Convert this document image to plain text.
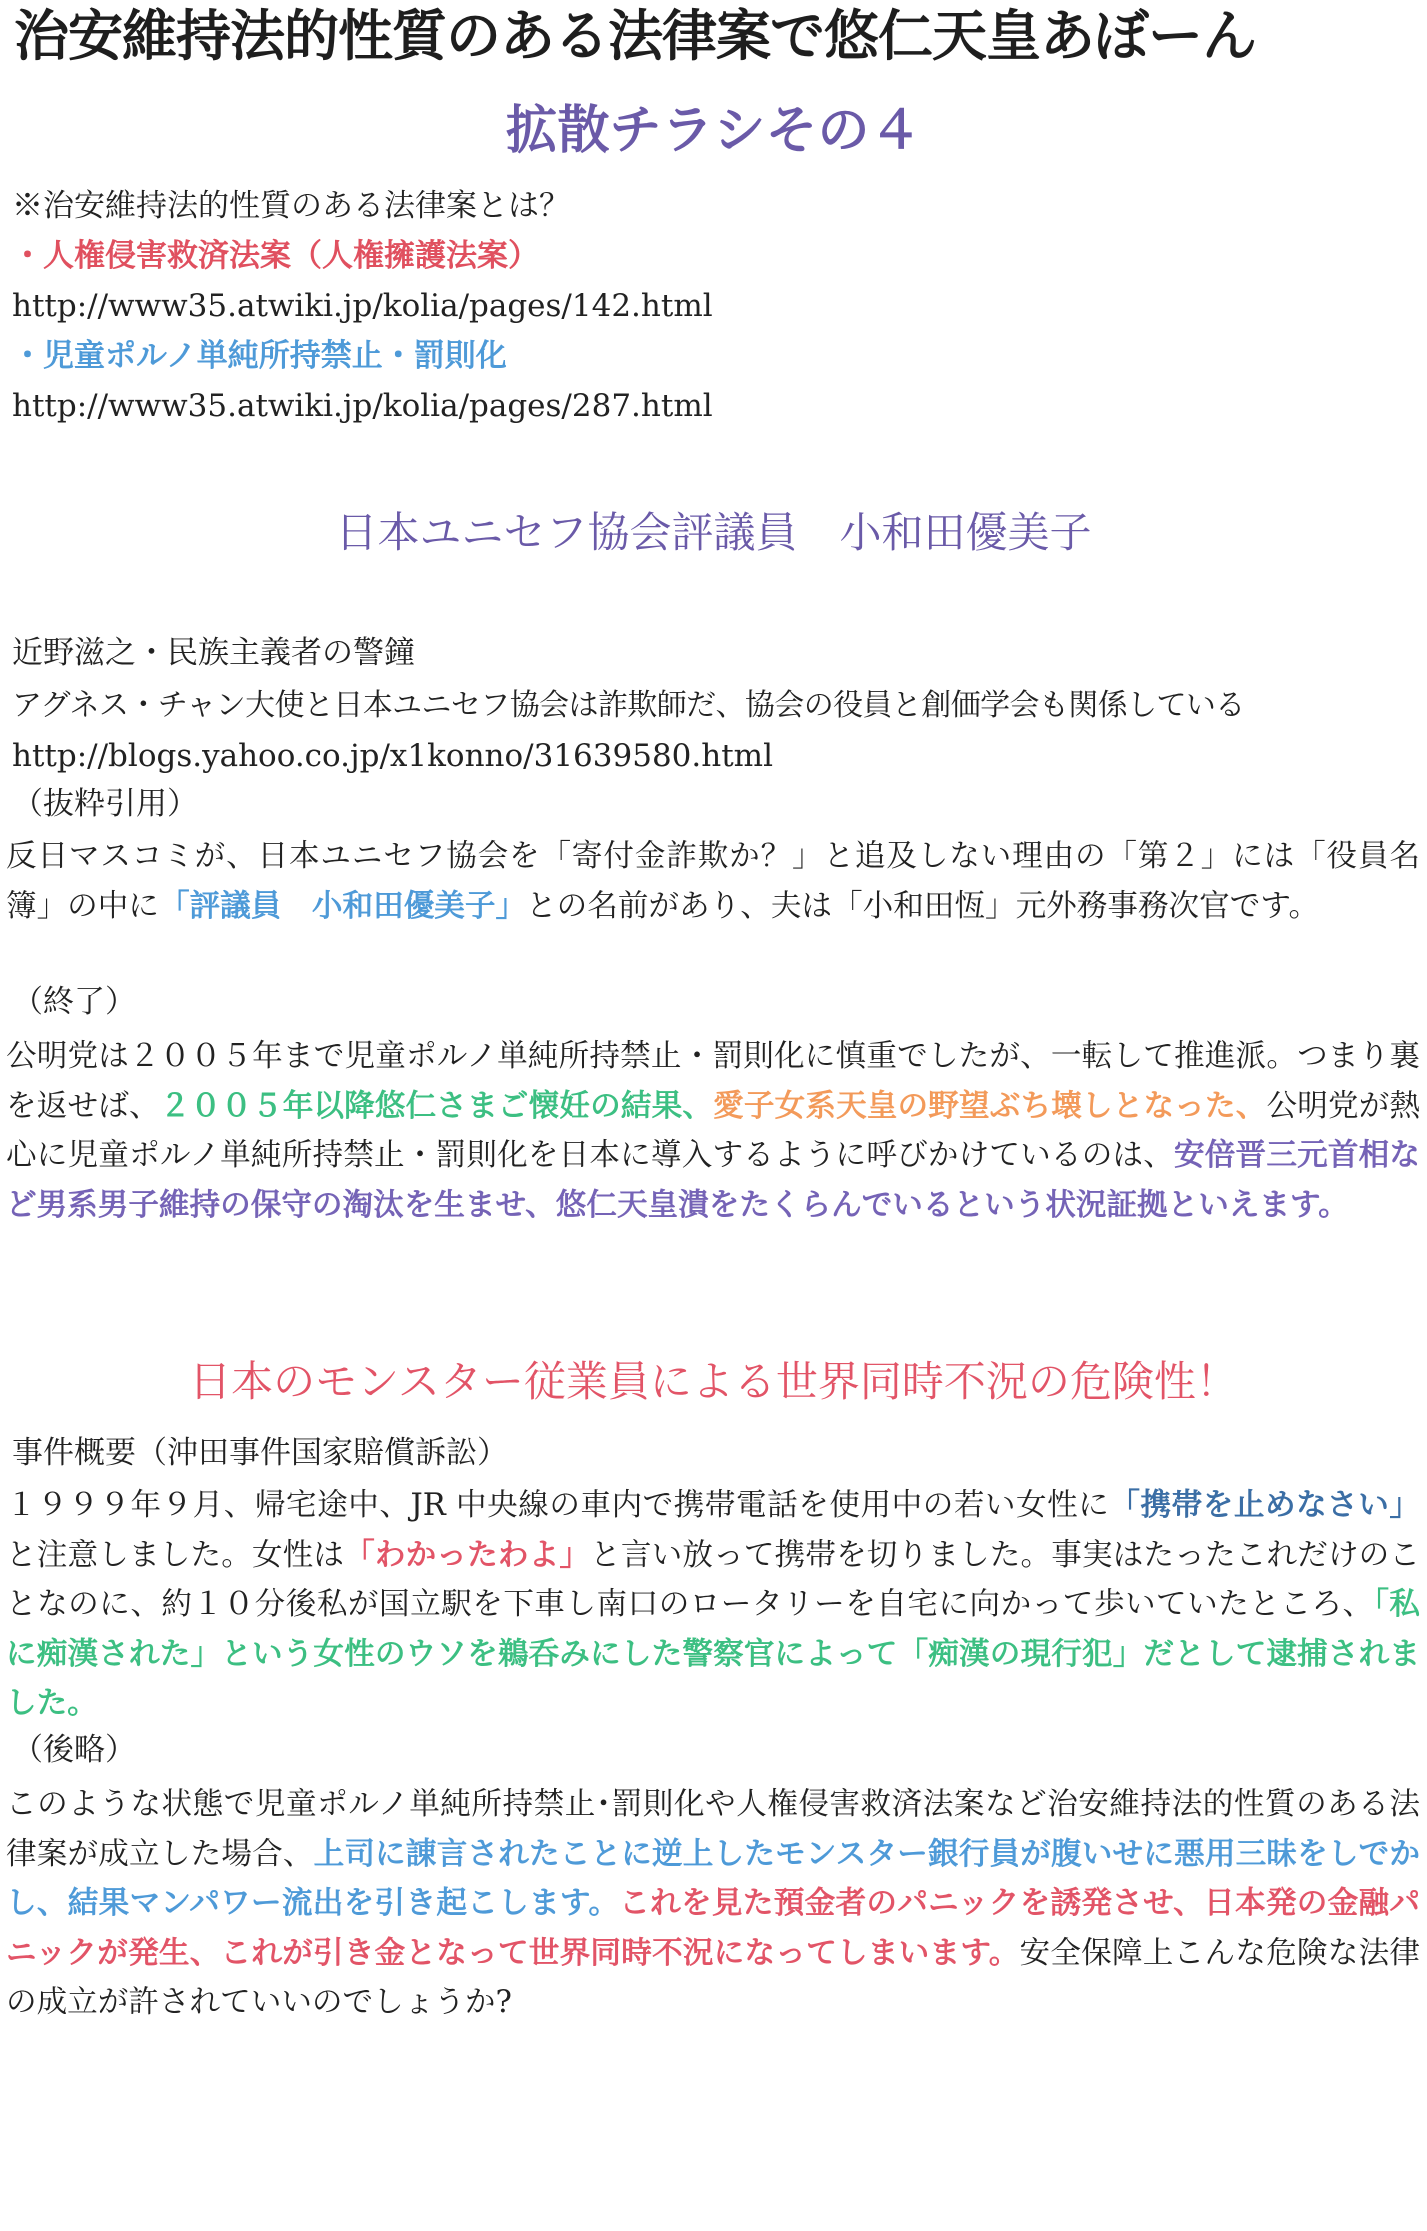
治安維持法的性質のある法律案で悠仁天皇あぼーん
拡散チラシその４
※治安維持法的性質のある法律案とは？
・人権侵害救済法案（人権擁護法案）
http://www35.atwiki.jp/kolia/pages/142.html
・児童ポルノ単純所持禁止・罰則化
http://www35.atwiki.jp/kolia/pages/287.html
日本ユニセフ協会評議員　小和田優美子
近野滋之・民族主義者の警鐘
アグネス・チャン大使と日本ユニセフ協会は詐欺師だ、協会の役員と創価学会も関係している
http://blogs.yahoo.co.jp/x1konno/31639580.html
（抜粋引用）
反日マスコミが、日本ユニセフ協会を「寄付金詐欺か？」と追及しない理由の「第２」には「役員名簿」の中に「評議員　小和田優美子」との名前があり、夫は「小和田恆」元外務事務次官です。
（終了）
公明党は２００５年まで児童ポルノ単純所持禁止・罰則化に慎重でしたが、一転して推進派。つまり裏を返せば、２００５年以降悠仁さまご懐妊の結果、愛子女系天皇の野望ぶち壊しとなった、公明党が熱心に児童ポルノ単純所持禁止・罰則化を日本に導入するように呼びかけているのは、安倍晋三元首相など男系男子維持の保守の淘汰を生ませ、悠仁天皇潰をたくらんでいるという状況証拠といえます。
日本のモンスター従業員による世界同時不況の危険性！
事件概要（沖田事件国家賠償訴訟）
１９９９年９月、帰宅途中、JR 中央線の車内で携帯電話を使用中の若い女性に「携帯を止めなさい」と注意しました。女性は「わかったわよ」と言い放って携帯を切りました。事実はたったこれだけのことなのに、約１０分後私が国立駅を下車し南口のロータリーを自宅に向かって歩いていたところ、「私に痴漢された」という女性のウソを鵜呑みにした警察官によって「痴漢の現行犯」だとして逮捕されました。
（後略）
このような状態で児童ポルノ単純所持禁止･罰則化や人権侵害救済法案など治安維持法的性質のある法律案が成立した場合、上司に諌言されたことに逆上したモンスター銀行員が腹いせに悪用三昧をしでかし、結果マンパワー流出を引き起こします。これを見た預金者のパニックを誘発させ、日本発の金融パニックが発生、これが引き金となって世界同時不況になってしまいます。安全保障上こんな危険な法律の成立が許されていいのでしょうか?
